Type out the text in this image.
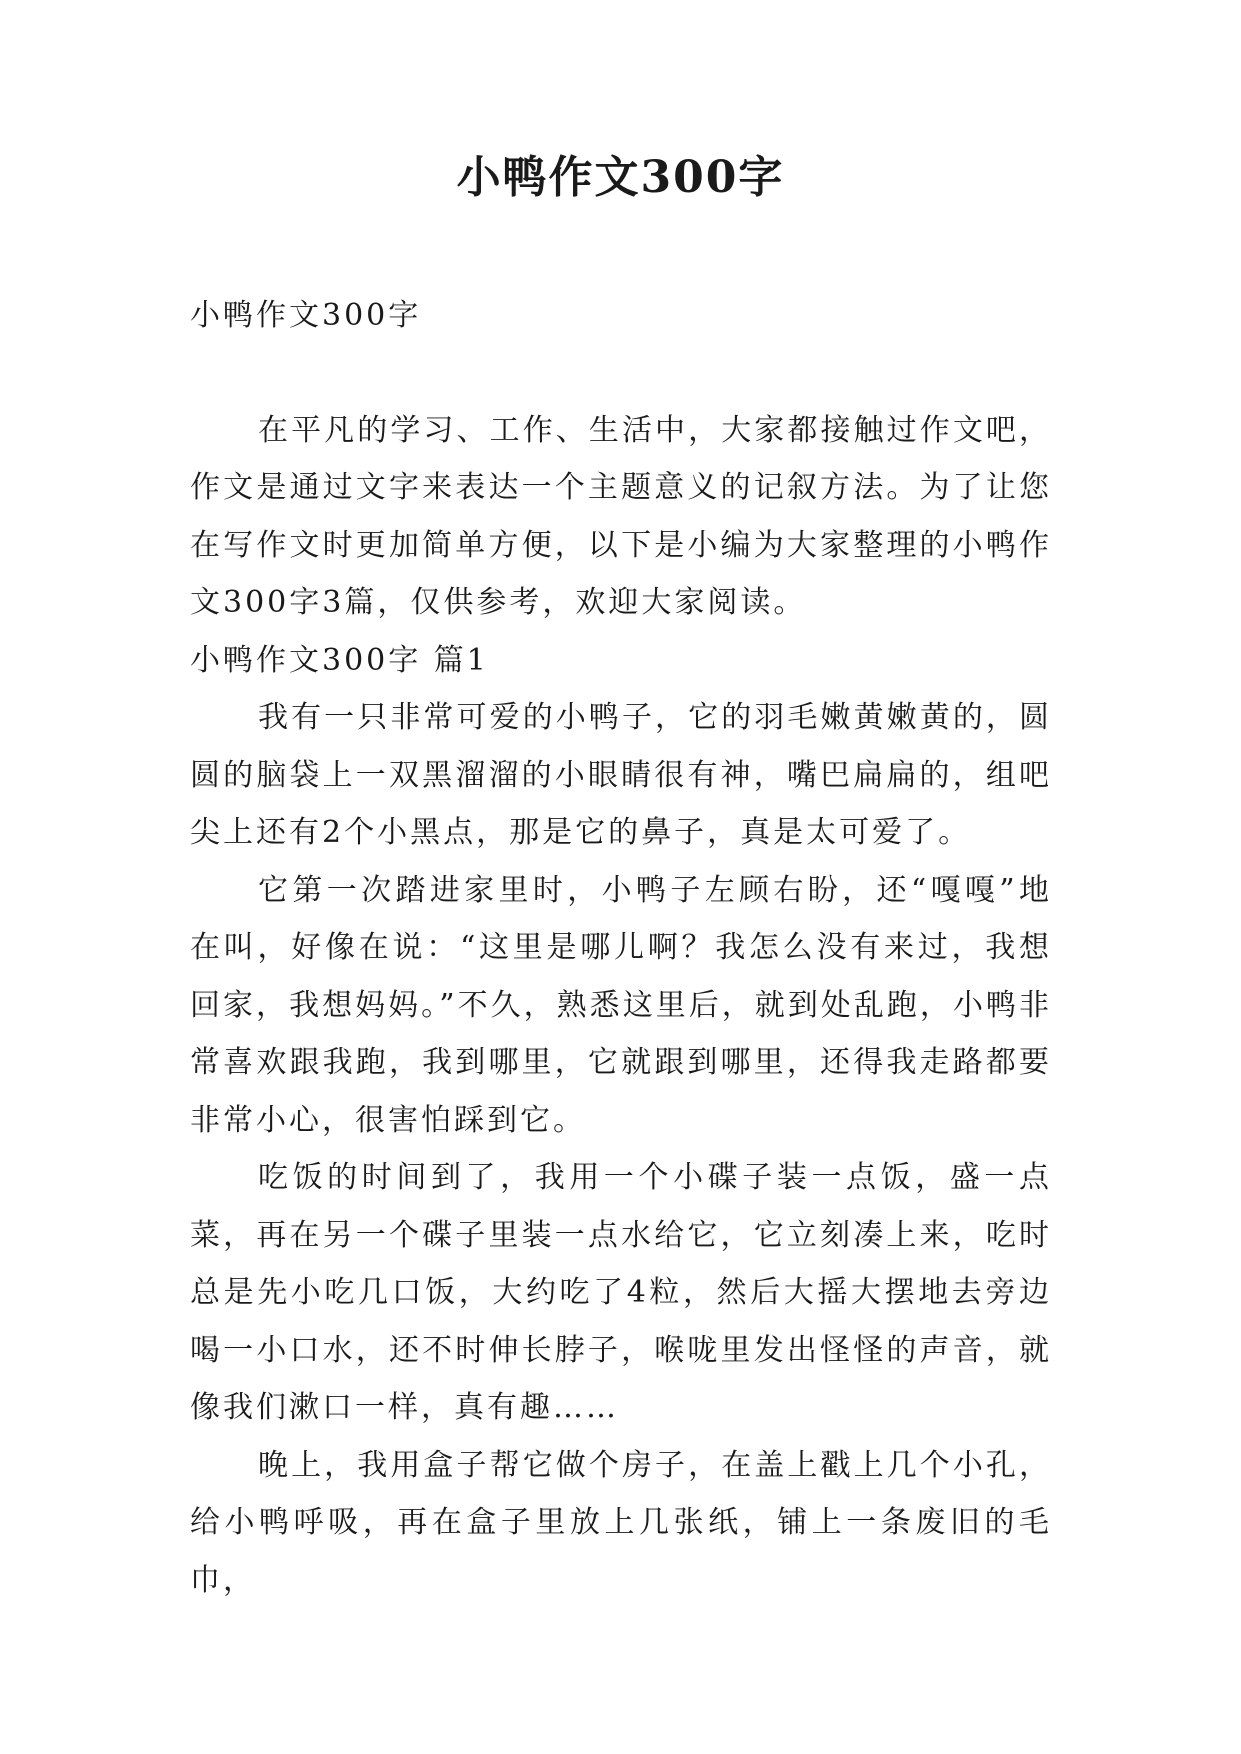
小鸭作文300字

小鸭作文300字

在平凡的学习、工作、生活中，大家都接触过作文吧，作文是通过文字来表达一个主题意义的记叙方法。为了让您在写作文时更加简单方便，以下是小编为大家整理的小鸭作文300字3篇，仅供参考，欢迎大家阅读。

小鸭作文300字 篇1

我有一只非常可爱的小鸭子，它的羽毛嫩黄嫩黄的，圆圆的脑袋上一双黑溜溜的小眼睛很有神，嘴巴扁扁的，组吧尖上还有2个小黑点，那是它的鼻子，真是太可爱了。

它第一次踏进家里时，小鸭子左顾右盼，还“嘎嘎”地在叫，好像在说：“这里是哪儿啊？我怎么没有来过，我想回家，我想妈妈。”不久，熟悉这里后，就到处乱跑，小鸭非常喜欢跟我跑，我到哪里，它就跟到哪里，还得我走路都要非常小心，很害怕踩到它。

吃饭的时间到了，我用一个小碟子装一点饭，盛一点菜，再在另一个碟子里装一点水给它，它立刻凑上来，吃时总是先小吃几口饭，大约吃了4粒，然后大摇大摆地去旁边喝一小口水，还不时伸长脖子，喉咙里发出怪怪的声音，就像我们漱口一样，真有趣……

晚上，我用盒子帮它做个房子，在盖上戳上几个小孔，给小鸭呼吸，再在盒子里放上几张纸，铺上一条废旧的毛巾，
